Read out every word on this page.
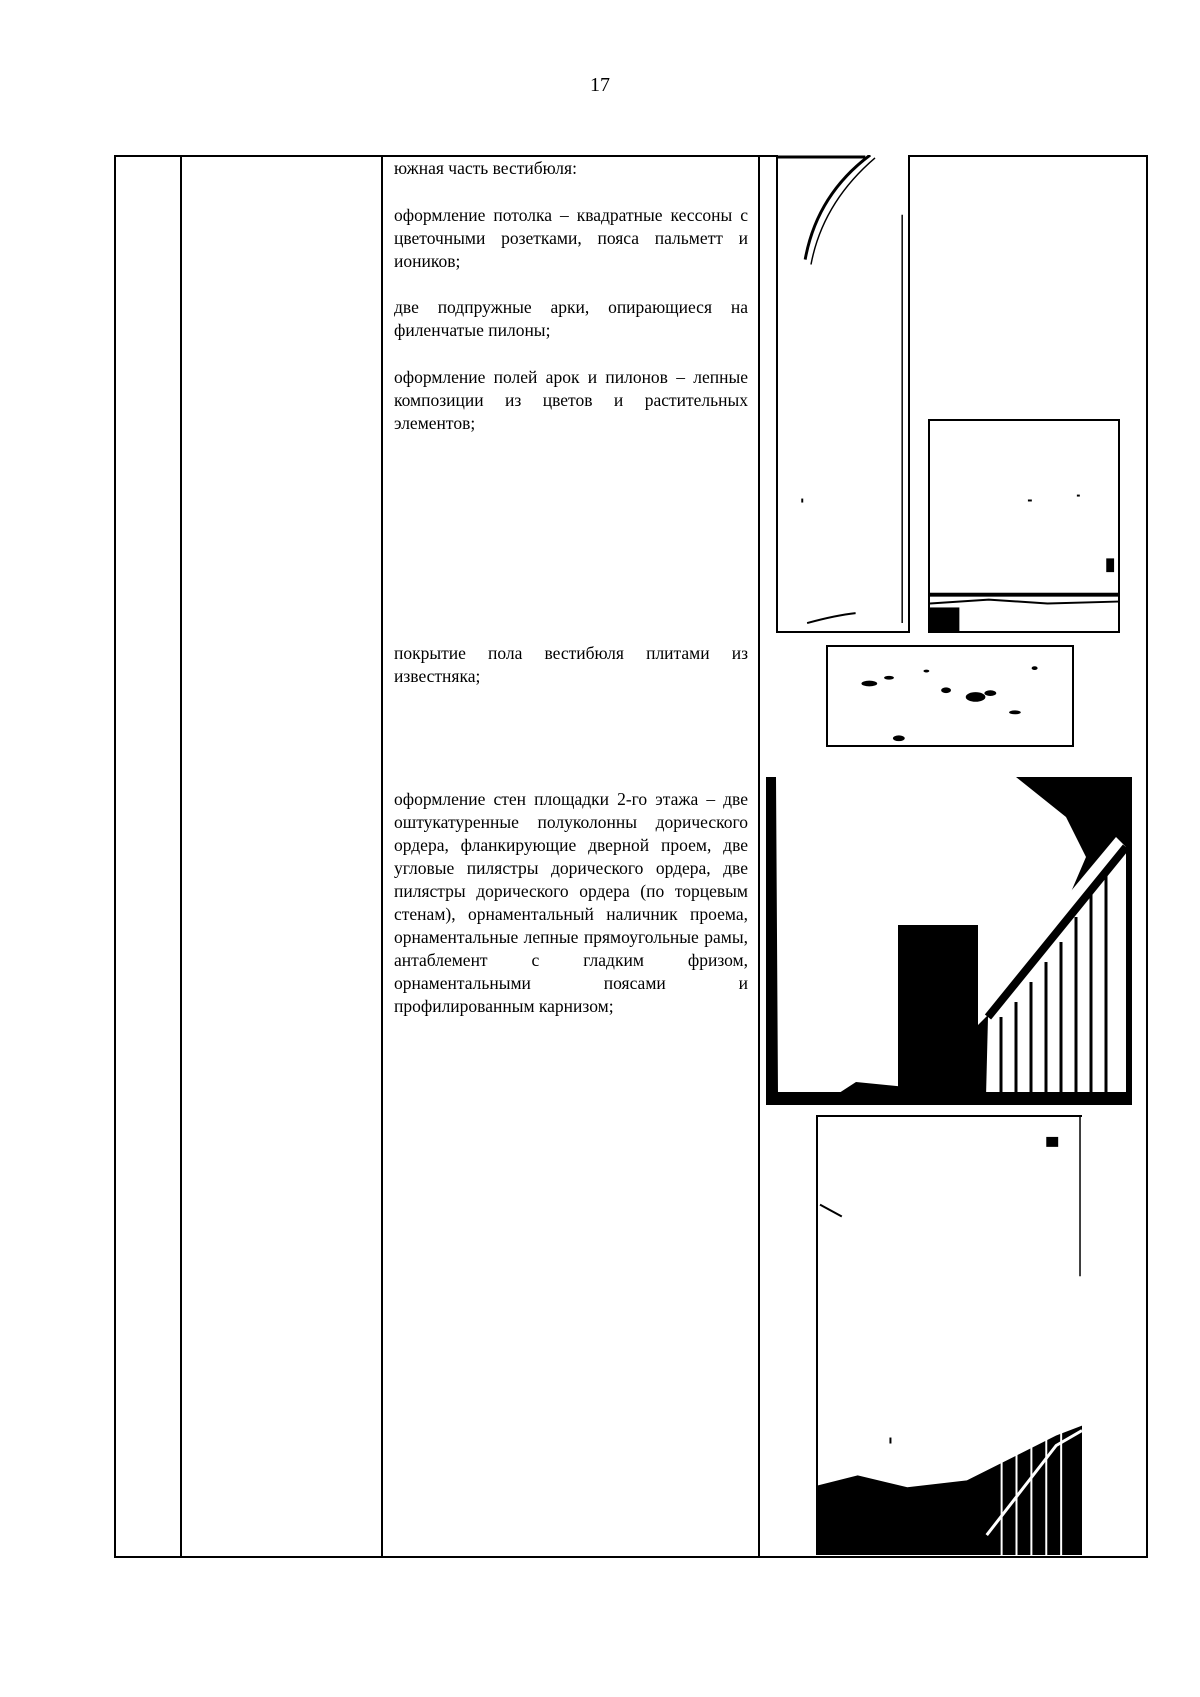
17

южная часть вестибюля:

оформление потолка – квадратные кессоны с цветочными розетками, пояса пальметт и иоников;

две подпружные арки, опирающиеся на филенчатые пилоны;

оформление полей арок и пилонов – лепные композиции из цветов и растительных элементов;

покрытие пола вестибюля плитами из известняка;

оформление стен площадки 2-го этажа – две оштукатуренные полуколонны дорического ордера, фланкирующие дверной проем, две угловые пилястры дорического ордера, две пилястры дорического ордера (по торцевым стенам), орнаментальный наличник проема, орнаментальные лепные прямоугольные рамы, антаблемент с гладким фризом, орнаментальными поясами и профилированным карнизом;
